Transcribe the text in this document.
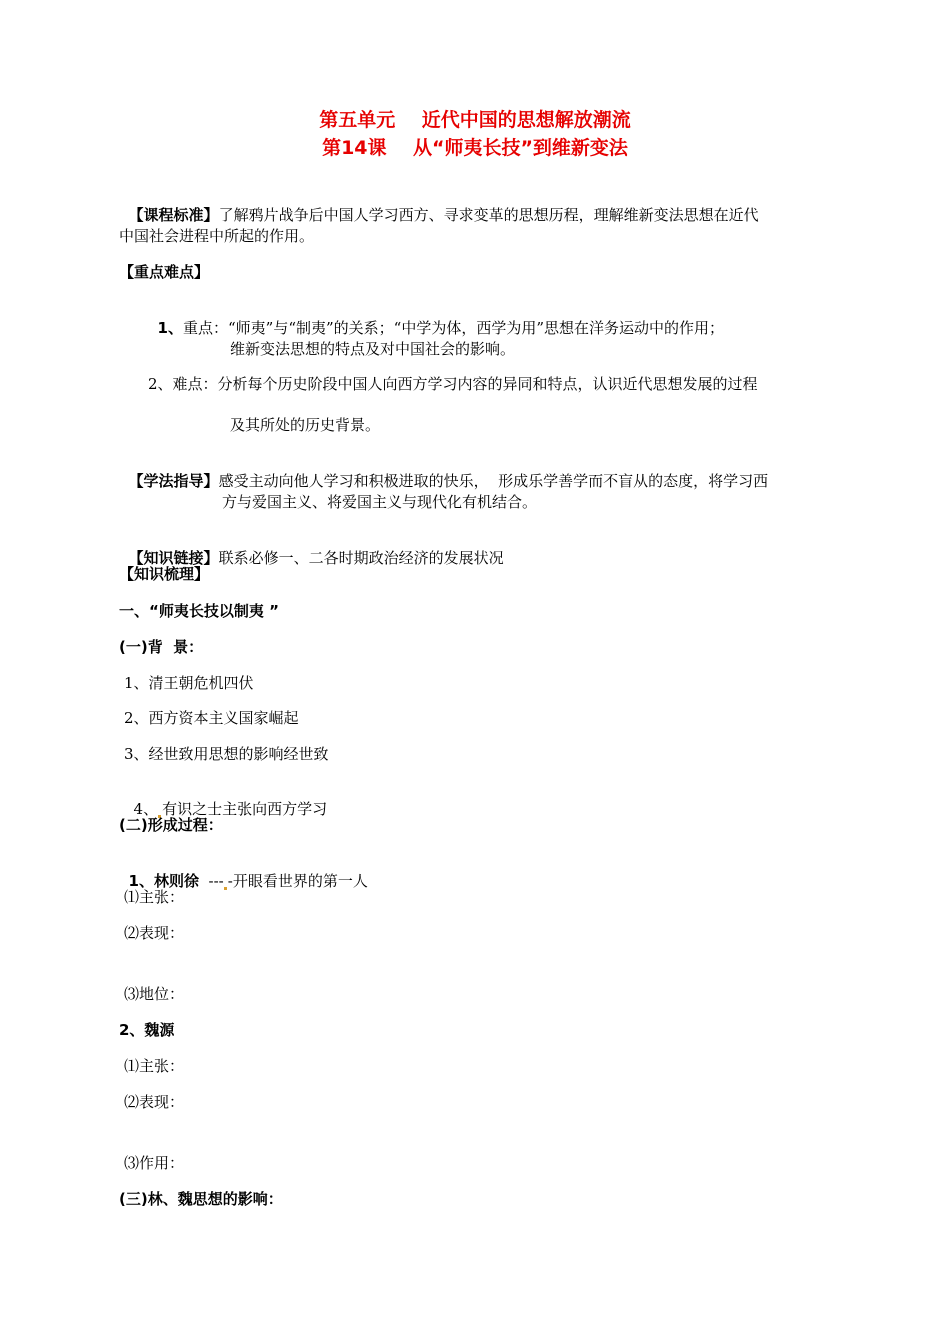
第五单元    近代中国的思想解放潮流
第14课    从“师夷长技”到维新变法

【课程标准】了解鸦片战争后中国人学习西方、寻求变革的思想历程，理解维新变法思想在近代

中国社会进程中所起的作用。
【重点难点】

1、重点：“师夷”与“制夷”的关系；“中学为体，西学为用”思想在洋务运动中的作用；

维新变法思想的特点及对中国社会的影响。
2、难点：分析每个历史阶段中国人向西方学习内容的异同和特点，认识近代思想发展的过程
及其所处的历史背景。

【学法指导】感受主动向他人学习和积极进取的快乐，  形成乐学善学而不盲从的态度，将学习西

方与爱国主义、将爱国主义与现代化有机结合。

【知识链接】联系必修一、二各时期政治经济的发展状况

【知识梳理】
一、“师夷长技以制夷 ”
(一)背  景：
1、清王朝危机四伏
2、西方资本主义国家崛起
3、经世致用思想的影响经世致

4、 有识之士主张向西方学习

(二)形成过程：

1、林则徐  --- -开眼看世界的第一人

⑴主张：
⑵表现：
⑶地位：
2、魏源
⑴主张：
⑵表现：
⑶作用：
(三)林、魏思想的影响：
